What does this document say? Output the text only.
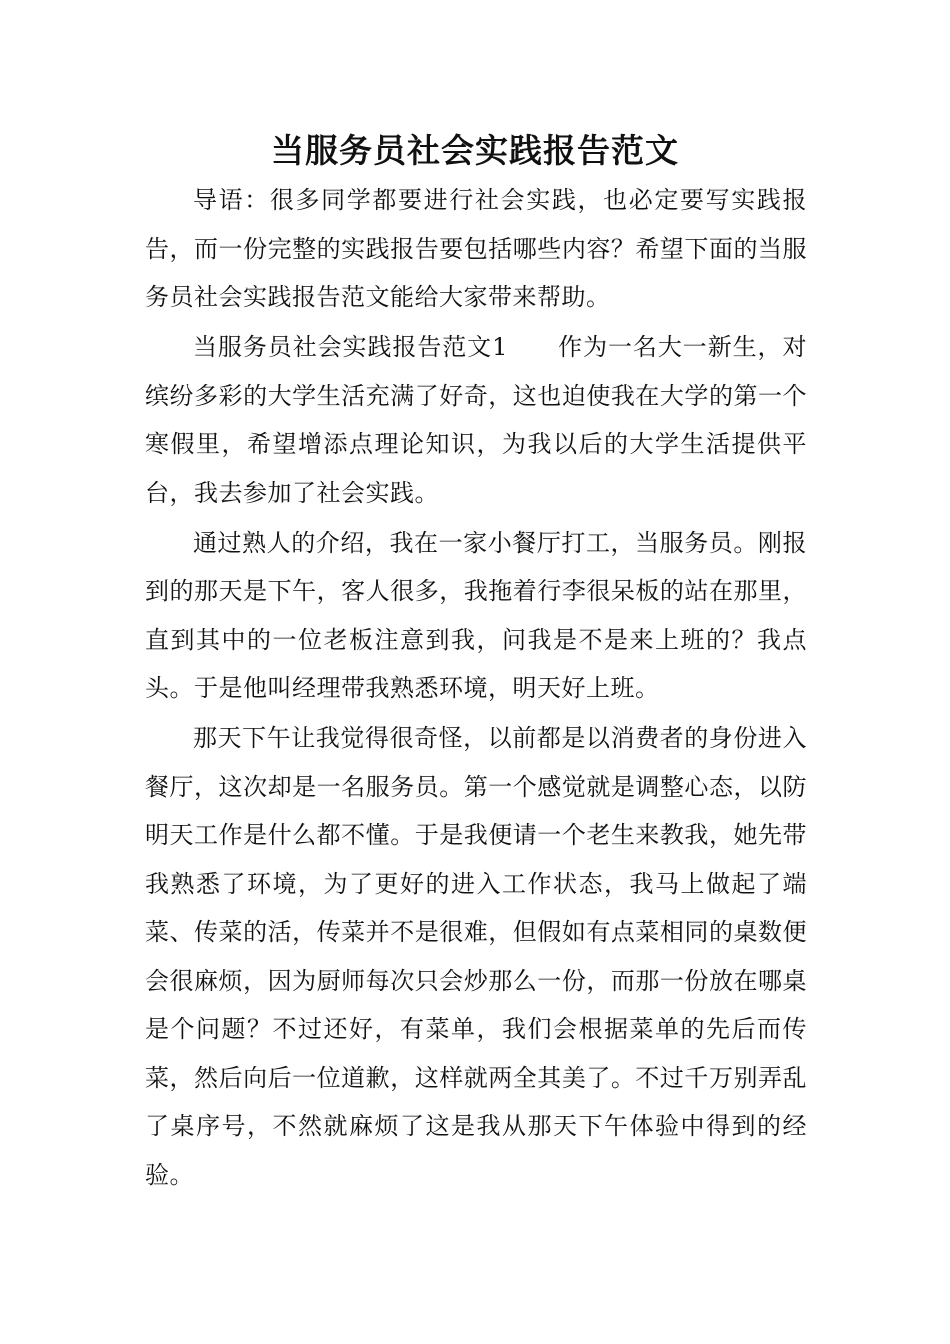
当服务员社会实践报告范文

导语：很多同学都要进行社会实践，也必定要写实践报告，而一份完整的实践报告要包括哪些内容？希望下面的当服务员社会实践报告范文能给大家带来帮助。

当服务员社会实践报告范文1　　作为一名大一新生，对缤纷多彩的大学生活充满了好奇，这也迫使我在大学的第一个寒假里，希望增添点理论知识，为我以后的大学生活提供平台，我去参加了社会实践。

通过熟人的介绍，我在一家小餐厅打工，当服务员。刚报到的那天是下午，客人很多，我拖着行李很呆板的站在那里，直到其中的一位老板注意到我，问我是不是来上班的？我点头。于是他叫经理带我熟悉环境，明天好上班。

那天下午让我觉得很奇怪，以前都是以消费者的身份进入餐厅，这次却是一名服务员。第一个感觉就是调整心态，以防明天工作是什么都不懂。于是我便请一个老生来教我，她先带我熟悉了环境，为了更好的进入工作状态，我马上做起了端菜、传菜的活，传菜并不是很难，但假如有点菜相同的桌数便会很麻烦，因为厨师每次只会炒那么一份，而那一份放在哪桌是个问题？不过还好，有菜单，我们会根据菜单的先后而传菜，然后向后一位道歉，这样就两全其美了。不过千万别弄乱了桌序号，不然就麻烦了这是我从那天下午体验中得到的经验。
